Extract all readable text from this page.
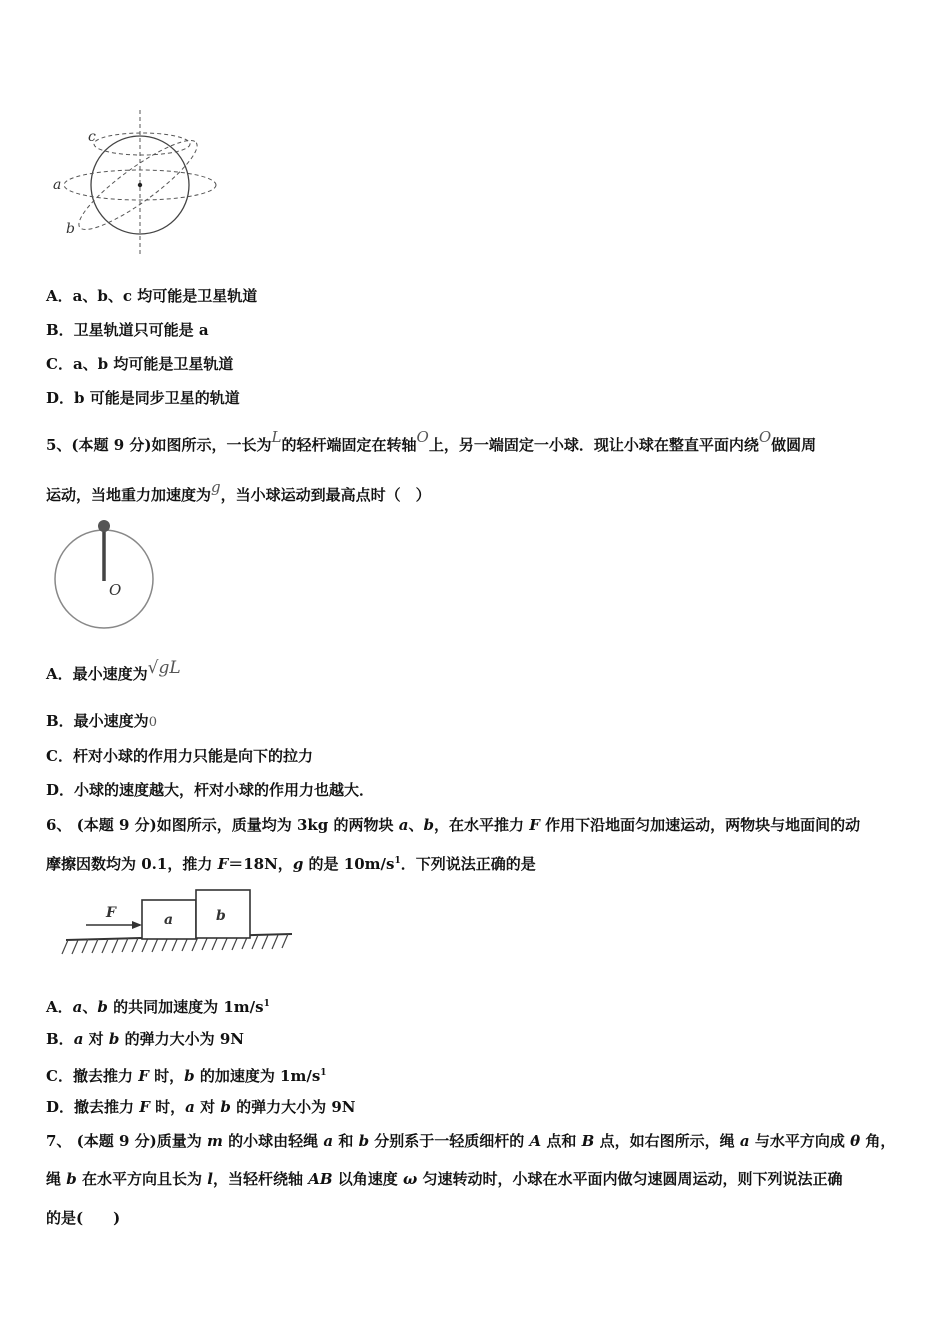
c
a
b
A．a、b、c 均可能是卫星轨道
B．卫星轨道只可能是 a
C．a、b 均可能是卫星轨道
D．b 可能是同步卫星的轨道
5、(本题 9 分)如图所示，一长为L的轻杆端固定在转轴O上，另一端固定一小球．现让小球在整直平面内绕O做圆周
运动，当地重力加速度为g，当小球运动到最高点时（　）
O
A．最小速度为√gL
B．最小速度为0
C．杆对小球的作用力只能是向下的拉力
D．小球的速度越大，杆对小球的作用力也越大．
6、 (本题 9 分)如图所示，质量均为 3kg 的两物块 a、b，在水平推力 F 作用下沿地面匀加速运动，两物块与地面间的动
摩擦因数均为 0.1，推力 F＝18N，g 的是 $10m/s^1$．下列说法正确的是
F	a	b
A．a、b 的共同加速度为 $1m/s^1$
B．a 对 b 的弹力大小为 9N
C．撤去推力 F 时，b 的加速度为 $1m/s^1$
D．撤去推力 F 时，a 对 b 的弹力大小为 9N
7、 (本题 9 分)质量为 m 的小球由轻绳 a 和 b 分别系于一轻质细杆的 A 点和 B 点，如右图所示，绳 a 与水平方向成 θ 角，
绳 b 在水平方向且长为 l，当轻杆绕轴 AB 以角速度 ω 匀速转动时，小球在水平面内做匀速圆周运动，则下列说法正确
的是(　　)
